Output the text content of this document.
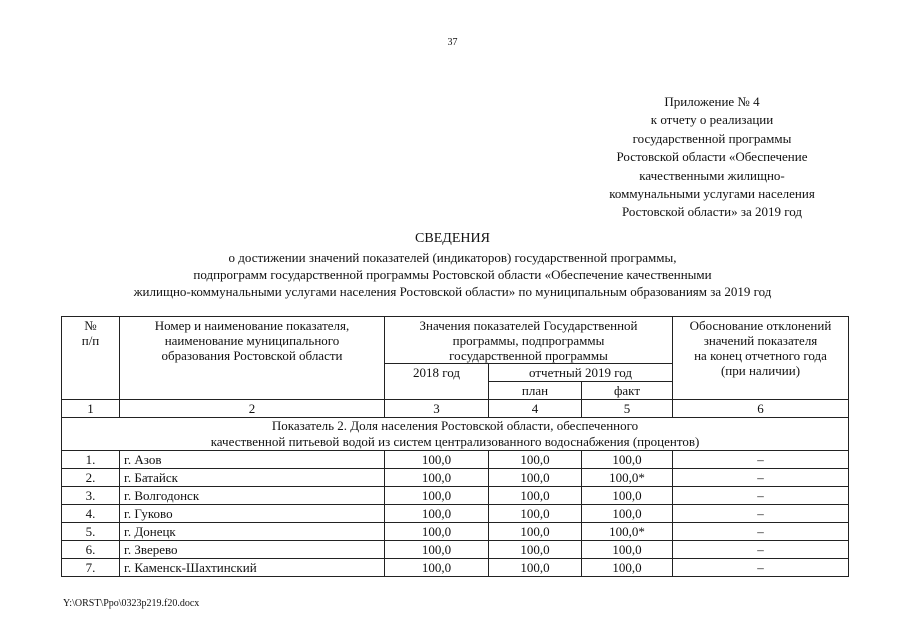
37
Приложение № 4
к отчету о реализации
государственной программы
Ростовской области «Обеспечение
качественными жилищно-
коммунальными услугами населения
Ростовской области» за 2019 год
СВЕДЕНИЯ
о достижении значений показателей (индикаторов) государственной программы,
подпрограмм государственной программы Ростовской области «Обеспечение качественными
жилищно-коммунальными услугами населения Ростовской области» по муниципальным образованиям за 2019 год
№
п/п	Номер и наименование показателя,
наименование муниципального
образования Ростовской области	Значения показателей Государственной
программы, подпрограммы
государственной программы			Обоснование отклонений
значений показателя
на конец отчетного года
(при наличии)
		2018 год	отчетный 2019 год		
			план	факт	
1	2	3	4	5	6
Показатель 2. Доля населения Ростовской области, обеспеченного
качественной питьевой водой из систем централизованного водоснабжения (процентов)					
1.	г. Азов	100,0	100,0	100,0	–
2.	г. Батайск	100,0	100,0	100,0*	–
3.	г. Волгодонск	100,0	100,0	100,0	–
4.	г. Гуково	100,0	100,0	100,0	–
5.	г. Донецк	100,0	100,0	100,0*	–
6.	г. Зверево	100,0	100,0	100,0	–
7.	г. Каменск-Шахтинский	100,0	100,0	100,0	–
Y:\ORST\Ppo\0323p219.f20.docx
